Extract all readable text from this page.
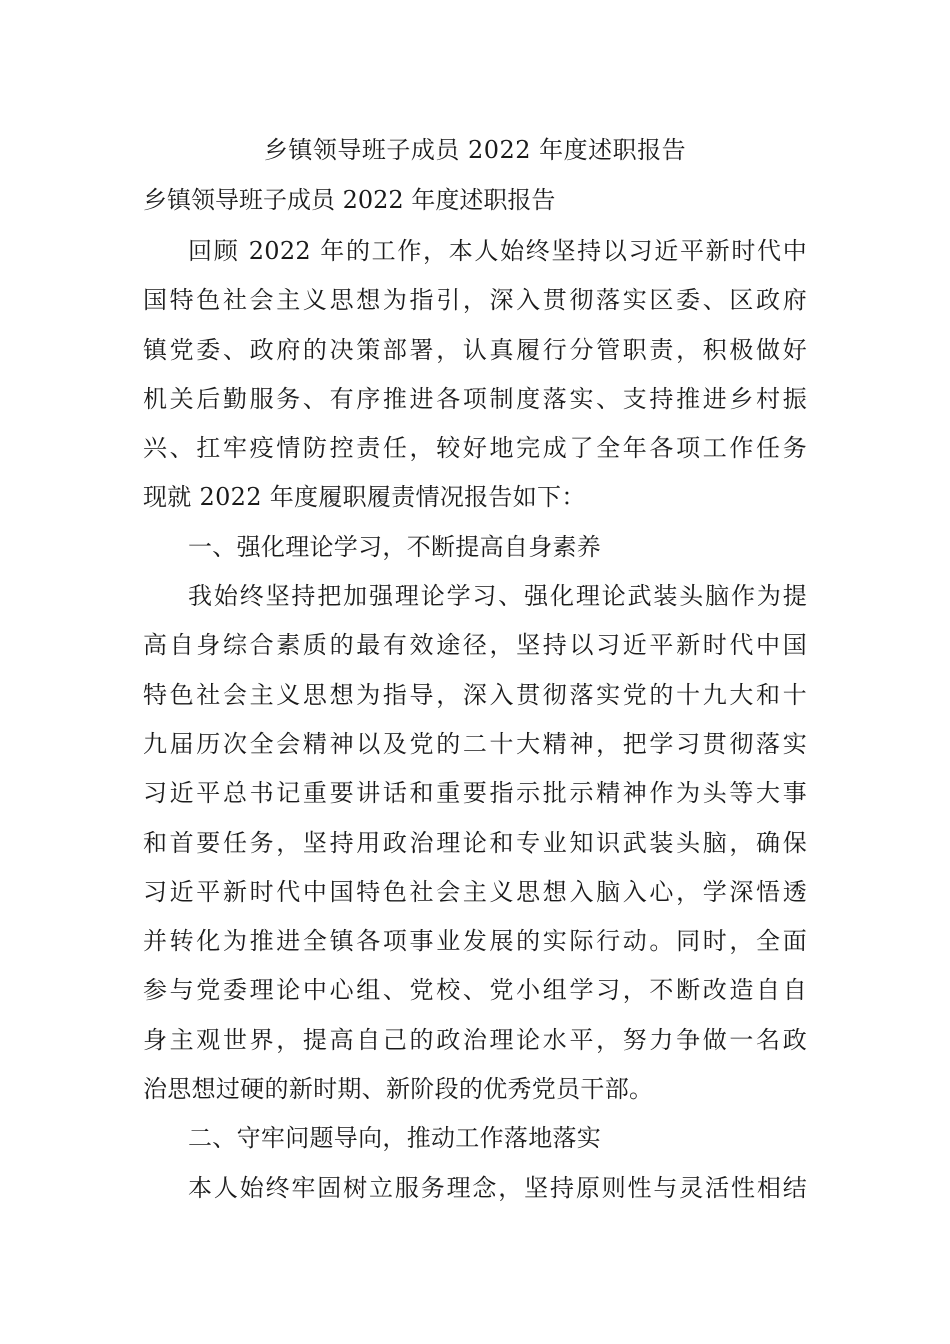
乡镇领导班子成员 2022 年度述职报告
乡镇领导班子成员 2022 年度述职报告
回顾 2022 年的工作，本人始终坚持以习近平新时代中
国特色社会主义思想为指引，深入贯彻落实区委、区政府
镇党委、政府的决策部署，认真履行分管职责，积极做好
机关后勤服务、有序推进各项制度落实、支持推进乡村振
兴、扛牢疫情防控责任，较好地完成了全年各项工作任务
现就 2022 年度履职履责情况报告如下：
一、强化理论学习，不断提高自身素养
我始终坚持把加强理论学习、强化理论武装头脑作为提
高自身综合素质的最有效途径，坚持以习近平新时代中国
特色社会主义思想为指导，深入贯彻落实党的十九大和十
九届历次全会精神以及党的二十大精神，把学习贯彻落实
习近平总书记重要讲话和重要指示批示精神作为头等大事
和首要任务，坚持用政治理论和专业知识武装头脑，确保
习近平新时代中国特色社会主义思想入脑入心，学深悟透
并转化为推进全镇各项事业发展的实际行动。同时，全面
参与党委理论中心组、党校、党小组学习，不断改造自自
身主观世界，提高自己的政治理论水平，努力争做一名政
治思想过硬的新时期、新阶段的优秀党员干部。
二、守牢问题导向，推动工作落地落实
本人始终牢固树立服务理念，坚持原则性与灵活性相结
